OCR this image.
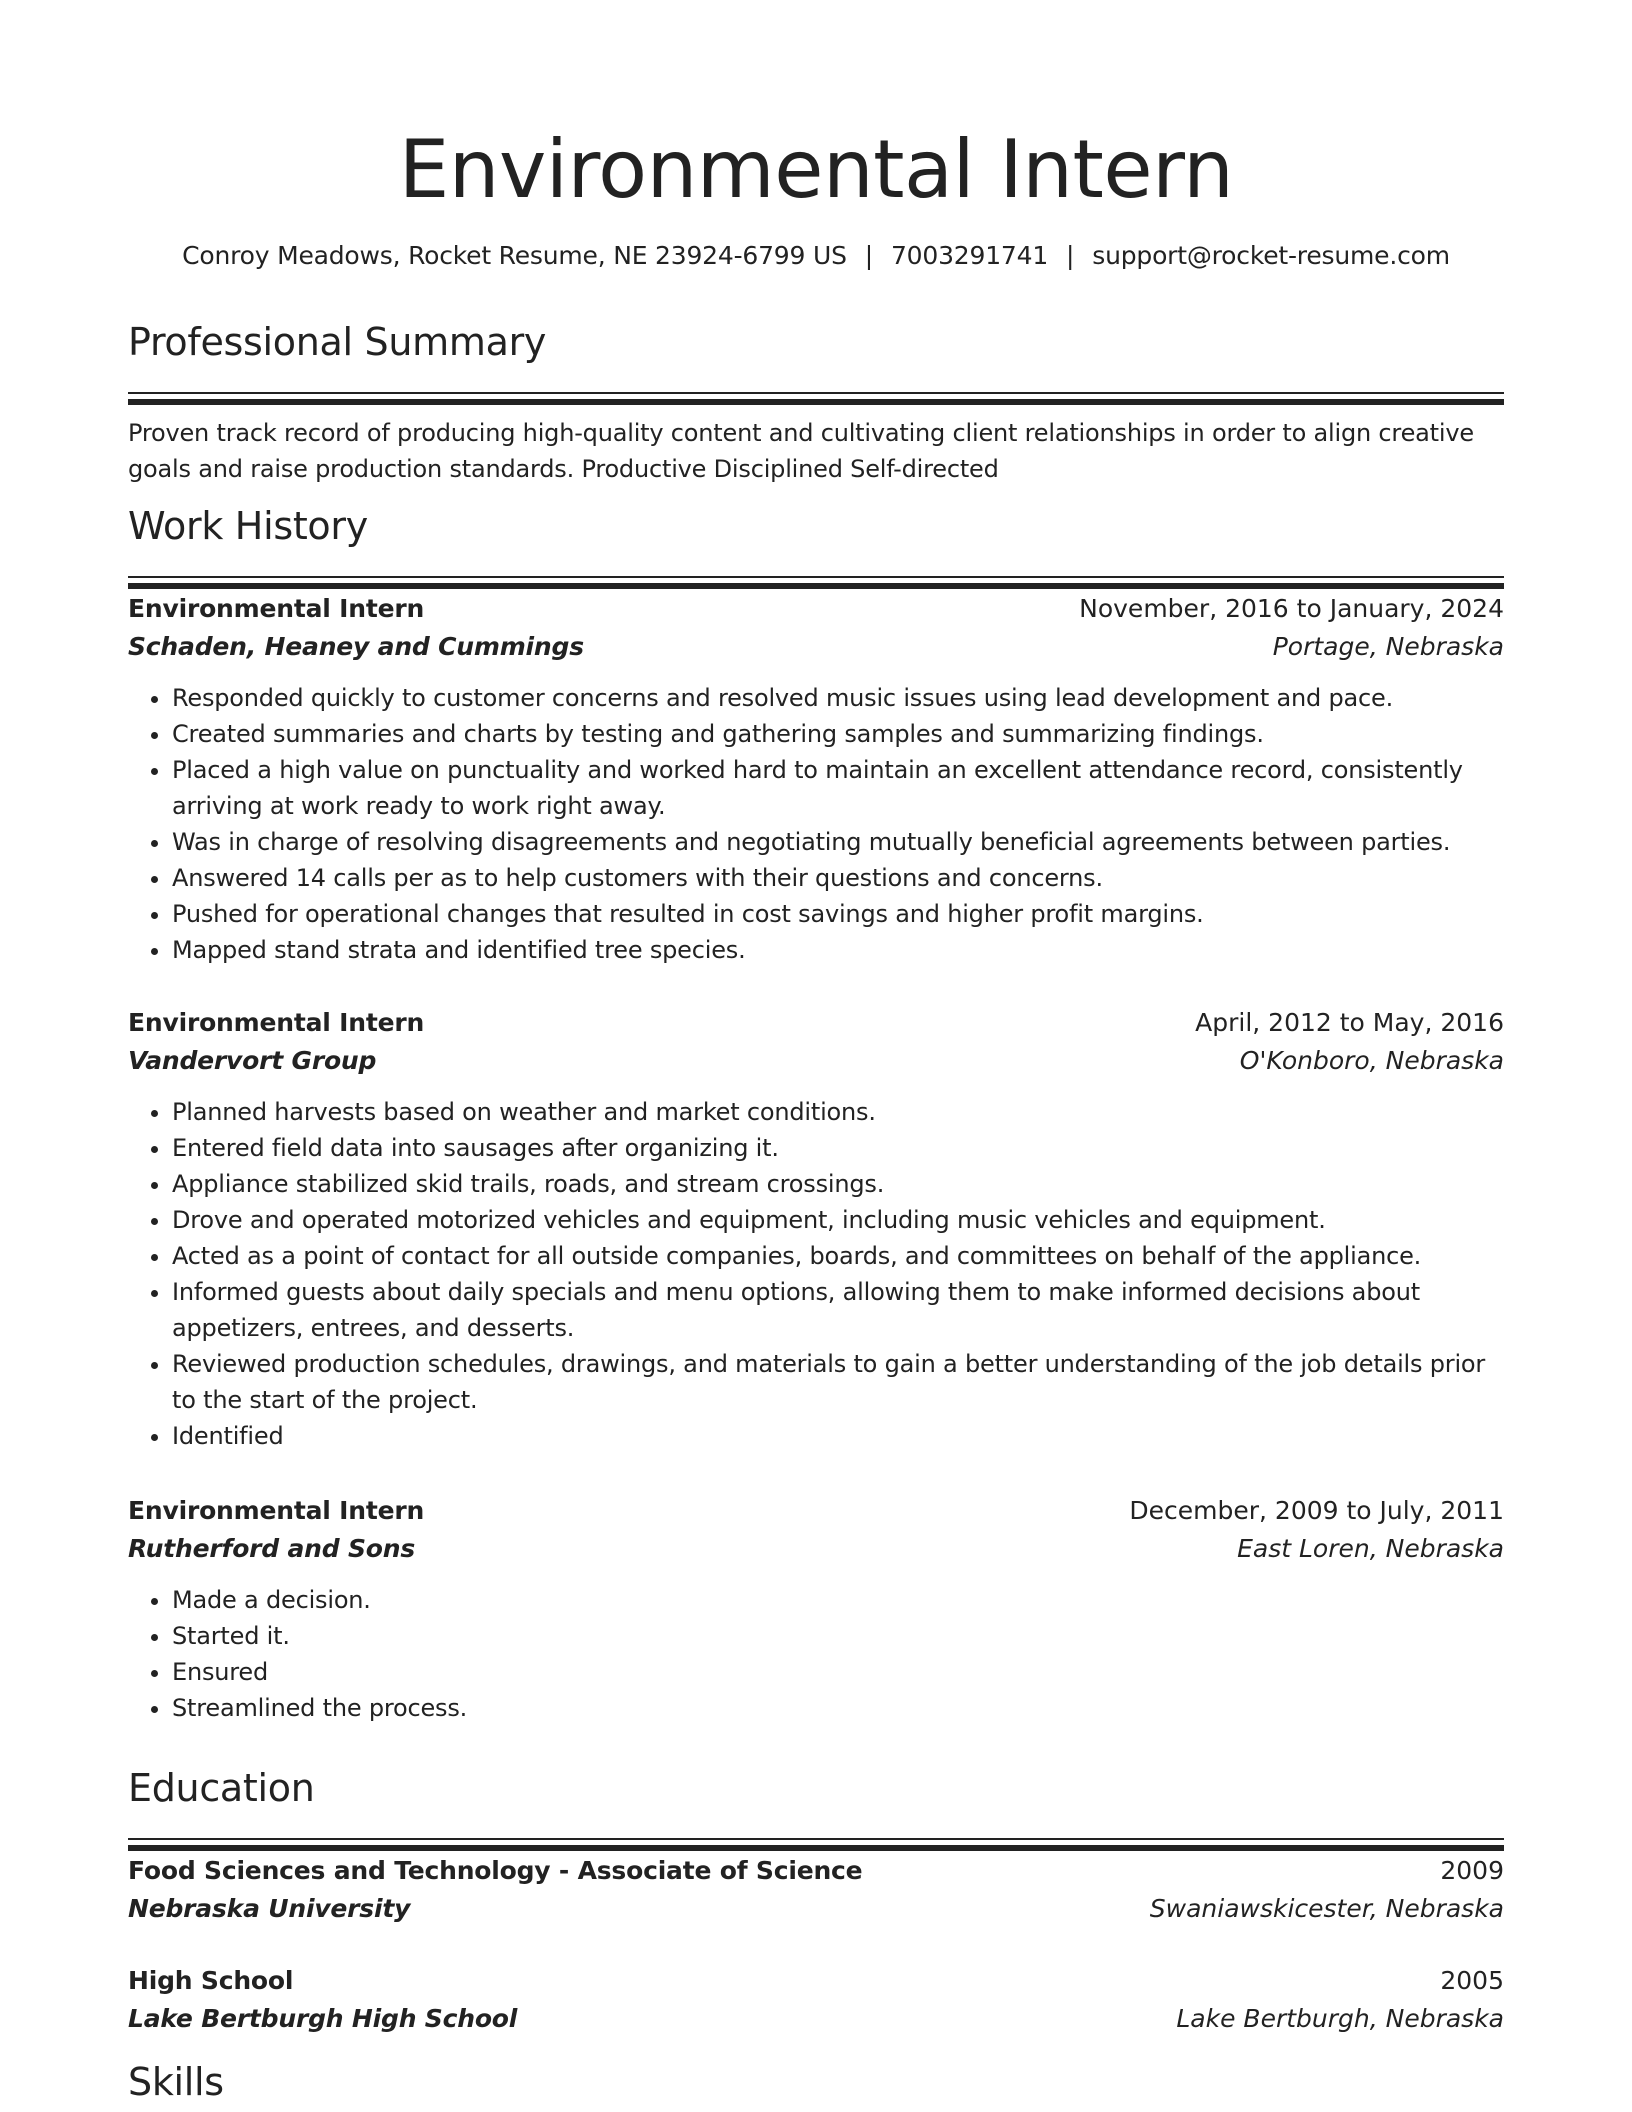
Environmental Intern
Conroy Meadows, Rocket Resume, NE 23924-6799 US | 7003291741 | support@rocket-resume.com
Professional Summary
Proven track record of producing high-quality content and cultivating client relationships in order to align creative goals and raise production standards. Productive Disciplined Self-directed
Work History
Environmental Intern	November, 2016 to January, 2024
Schaden, Heaney and Cummings	Portage, Nebraska
• Responded quickly to customer concerns and resolved music issues using lead development and pace.
• Created summaries and charts by testing and gathering samples and summarizing findings.
• Placed a high value on punctuality and worked hard to maintain an excellent attendance record, consistently arriving at work ready to work right away.
• Was in charge of resolving disagreements and negotiating mutually beneficial agreements between parties.
• Answered 14 calls per as to help customers with their questions and concerns.
• Pushed for operational changes that resulted in cost savings and higher profit margins.
• Mapped stand strata and identified tree species.
Environmental Intern	April, 2012 to May, 2016
Vandervort Group	O'Konboro, Nebraska
• Planned harvests based on weather and market conditions.
• Entered field data into sausages after organizing it.
• Appliance stabilized skid trails, roads, and stream crossings.
• Drove and operated motorized vehicles and equipment, including music vehicles and equipment.
• Acted as a point of contact for all outside companies, boards, and committees on behalf of the appliance.
• Informed guests about daily specials and menu options, allowing them to make informed decisions about appetizers, entrees, and desserts.
• Reviewed production schedules, drawings, and materials to gain a better understanding of the job details prior to the start of the project.
• Identified
Environmental Intern	December, 2009 to July, 2011
Rutherford and Sons	East Loren, Nebraska
• Made a decision.
• Started it.
• Ensured
• Streamlined the process.
Education
Food Sciences and Technology - Associate of Science	2009
Nebraska University	Swaniawskicester, Nebraska
High School	2005
Lake Bertburgh High School	Lake Bertburgh, Nebraska
Skills
